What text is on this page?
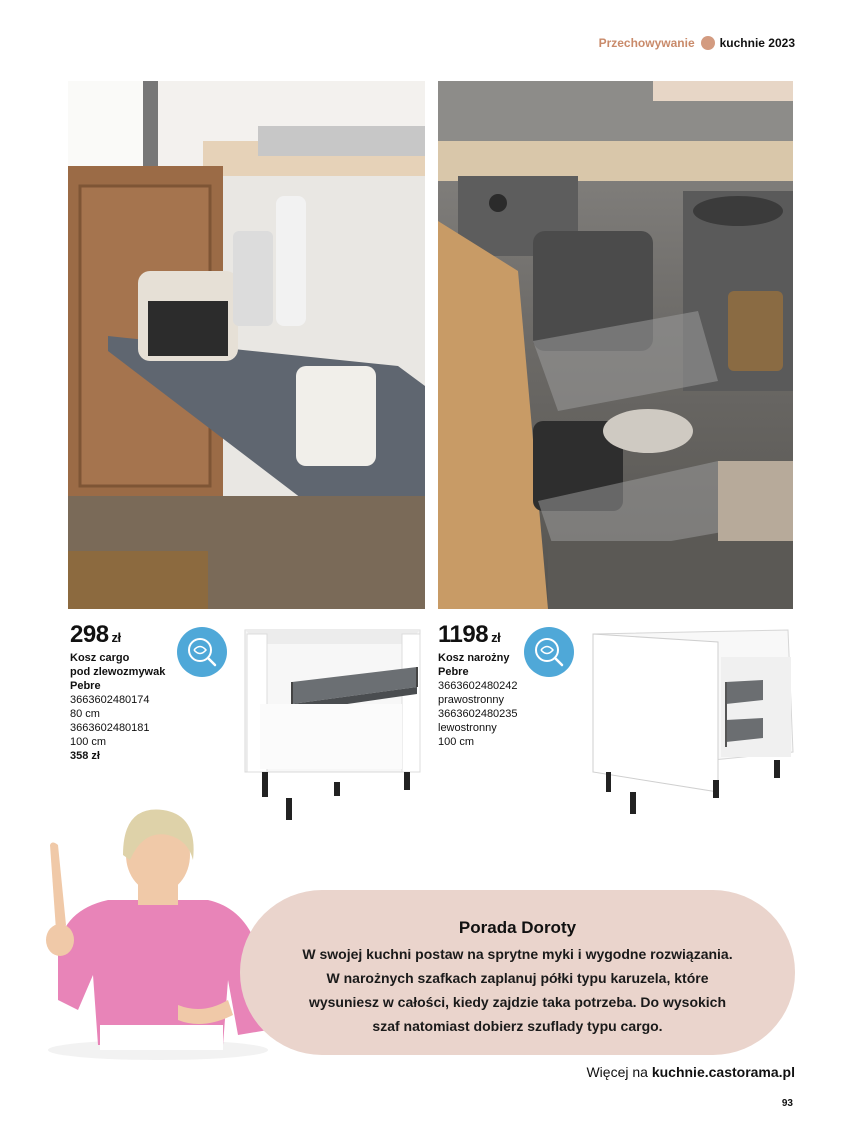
Przechowywanie kuchnie 2023
298 zł
Kosz cargo
pod zlewozmywak
Pebre
3663602480174
80 cm
3663602480181
100 cm
358 zł
1198 zł
Kosz narożny
Pebre
3663602480242
prawostronny
3663602480235
lewostronny
100 cm
Porada Doroty
W swojej kuchni postaw na sprytne myki i wygodne rozwiązania.
W narożnych szafkach zaplanuj półki typu karuzela, które
wysuniesz w całości, kiedy zajdzie taka potrzeba. Do wysokich
szaf natomiast dobierz szuflady typu cargo.
Więcej na kuchnie.castorama.pl
93
